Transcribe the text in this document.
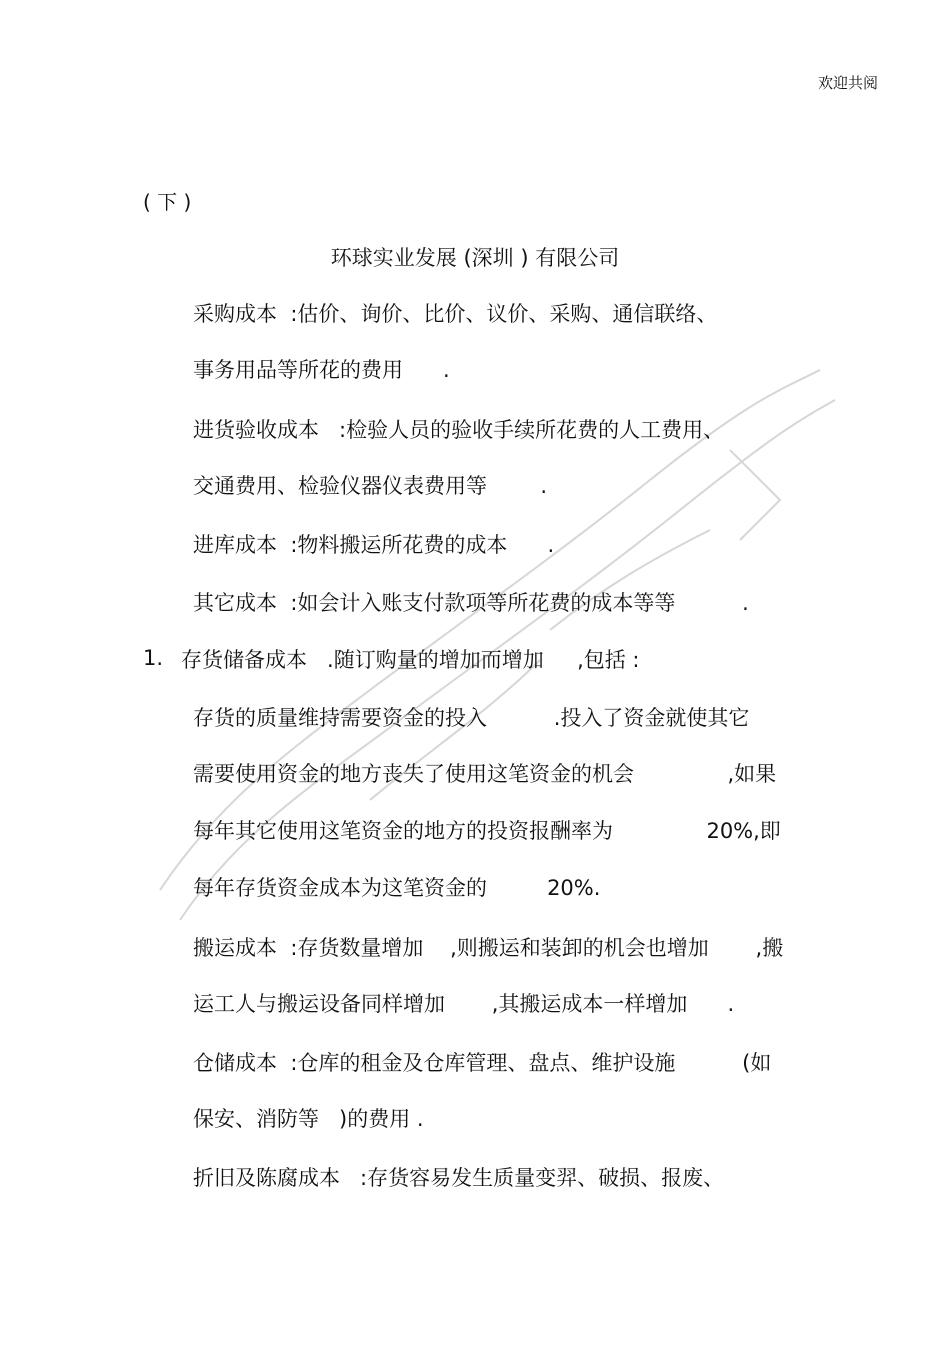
欢迎共阅
( 下 )
环球实业发展 (深圳 ) 有限公司
采购成本  :估价、询价、比价、议价、采购、通信联络、
事务用品等所花的费用      .
进货验收成本   :检验人员的验收手续所花费的人工费用、
交通费用、检验仪器仪表费用等        .
进库成本  :物料搬运所花费的成本      .
其它成本  :如会计入账支付款项等所花费的成本等等          .
1. 存货储备成本   .随订购量的增加而增加     ,包括 :
存货的质量维持需要资金的投入          .投入了资金就使其它
需要使用资金的地方丧失了使用这笔资金的机会              ,如果
每年其它使用这笔资金的地方的投资报酬率为              20%,即
每年存货资金成本为这笔资金的         20%.
搬运成本  :存货数量增加    ,则搬运和装卸的机会也增加       ,搬
运工人与搬运设备同样增加       ,其搬运成本一样增加      .
仓储成本  :仓库的租金及仓库管理、盘点、维护设施          (如
保安、消防等   )的费用 .
折旧及陈腐成本   :存货容易发生质量变羿、破损、报废、
